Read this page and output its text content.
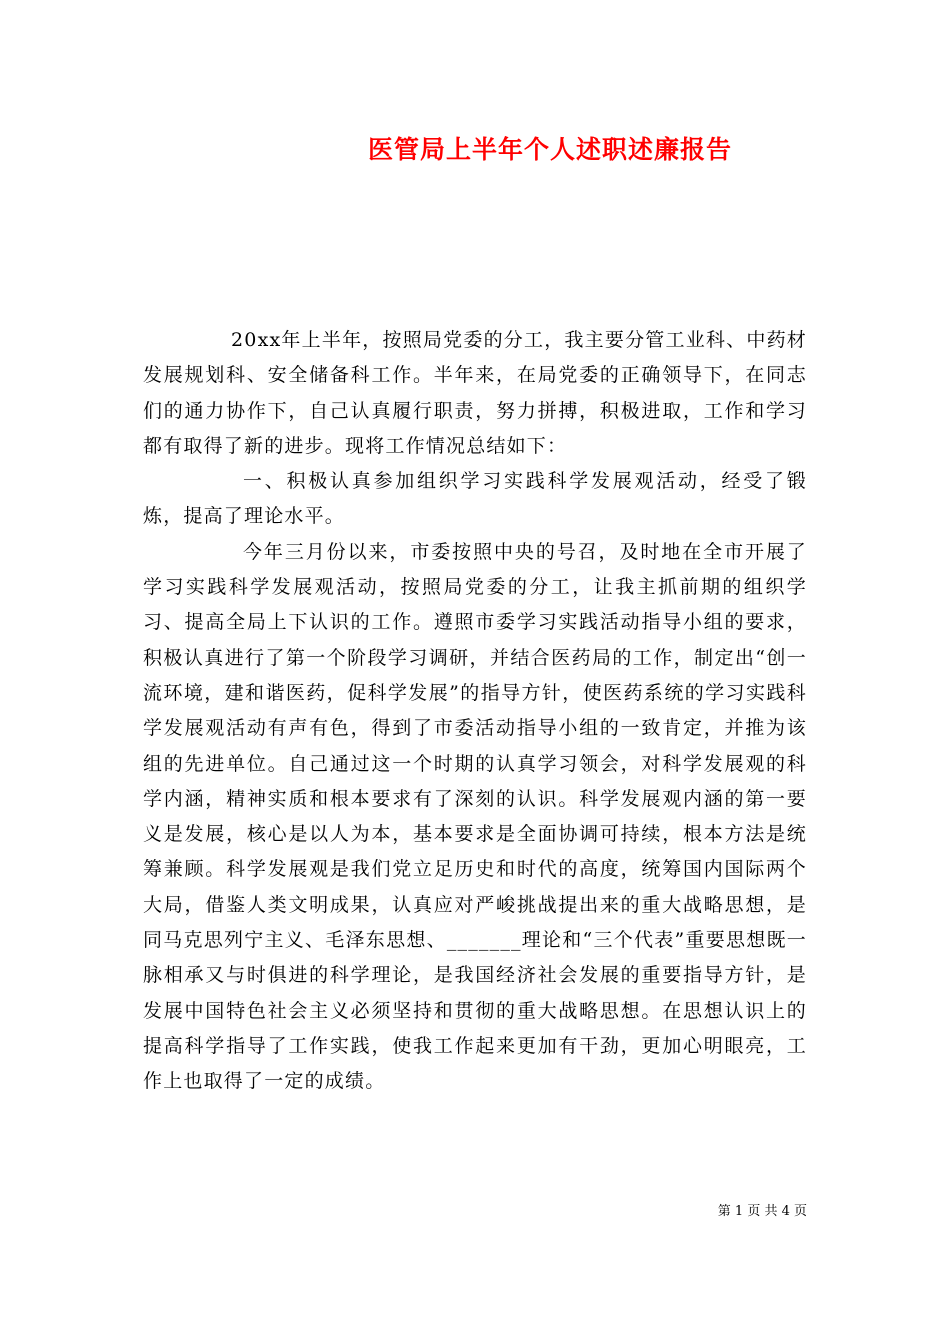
医管局上半年个人述职述廉报告

20xx年上半年，按照局党委的分工，我主要分管工业科、中药材发展规划科、安全储备科工作。半年来，在局党委的正确领导下，在同志们的通力协作下，自己认真履行职责，努力拼搏，积极进取，工作和学习都有取得了新的进步。现将工作情况总结如下：

一、积极认真参加组织学习实践科学发展观活动，经受了锻炼，提高了理论水平。

今年三月份以来，市委按照中央的号召，及时地在全市开展了学习实践科学发展观活动，按照局党委的分工，让我主抓前期的组织学习、提高全局上下认识的工作。遵照市委学习实践活动指导小组的要求，积极认真进行了第一个阶段学习调研，并结合医药局的工作，制定出“创一流环境，建和谐医药，促科学发展”的指导方针，使医药系统的学习实践科学发展观活动有声有色，得到了市委活动指导小组的一致肯定，并推为该组的先进单位。自己通过这一个时期的认真学习领会，对科学发展观的科学内涵，精神实质和根本要求有了深刻的认识。科学发展观内涵的第一要义是发展，核心是以人为本，基本要求是全面协调可持续，根本方法是统筹兼顾。科学发展观是我们党立足历史和时代的高度，统筹国内国际两个大局，借鉴人类文明成果，认真应对严峻挑战提出来的重大战略思想，是同马克思列宁主义、毛泽东思想、_______理论和“三个代表”重要思想既一脉相承又与时俱进的科学理论，是我国经济社会发展的重要指导方针，是发展中国特色社会主义必须坚持和贯彻的重大战略思想。在思想认识上的提高科学指导了工作实践，使我工作起来更加有干劲，更加心明眼亮，工作上也取得了一定的成绩。

第 1 页 共 4 页
